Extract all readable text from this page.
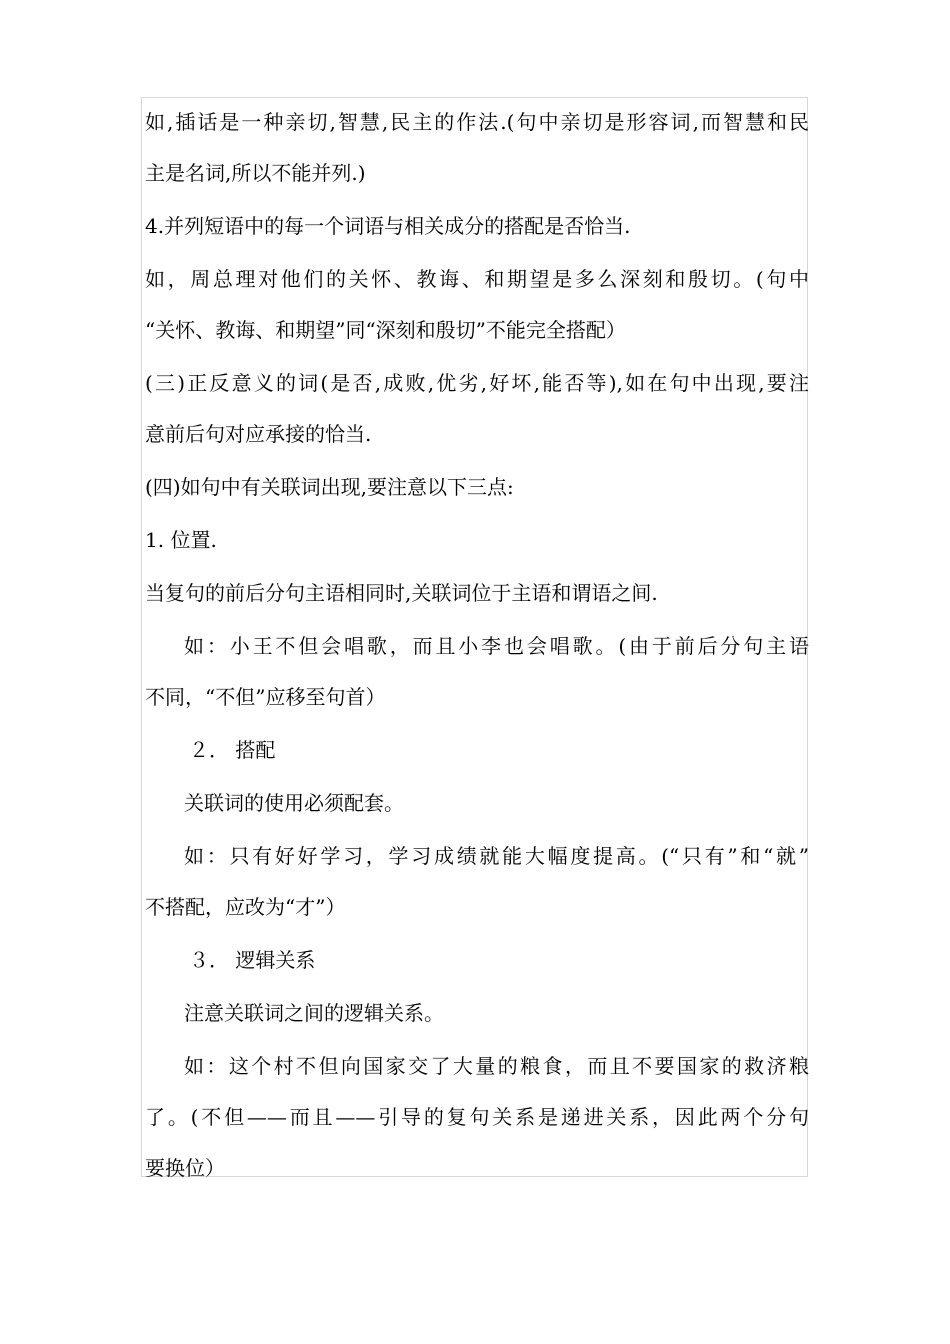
如,插话是一种亲切,智慧,民主的作法.(句中亲切是形容词,而智慧和民
主是名词,所以不能并列.)
4.并列短语中的每一个词语与相关成分的搭配是否恰当.
如，周总理对他们的关怀、教诲、和期望是多么深刻和殷切。(句中
“关怀、教诲、和期望”同“深刻和殷切”不能完全搭配）
(三)正反意义的词(是否,成败,优劣,好坏,能否等),如在句中出现,要注
意前后句对应承接的恰当.
(四)如句中有关联词出现,要注意以下三点:
1. 位置.
当复句的前后分句主语相同时,关联词位于主语和谓语之间.
如：小王不但会唱歌，而且小李也会唱歌。(由于前后分句主语
不同，“不但”应移至句首）
２． 搭配
关联词的使用必须配套。
如：只有好好学习，学习成绩就能大幅度提高。(“只有”和“就”
不搭配，应改为“才”）
３． 逻辑关系
注意关联词之间的逻辑关系。
如：这个村不但向国家交了大量的粮食，而且不要国家的救济粮
了。(不但——而且——引导的复句关系是递进关系，因此两个分句
要换位）
